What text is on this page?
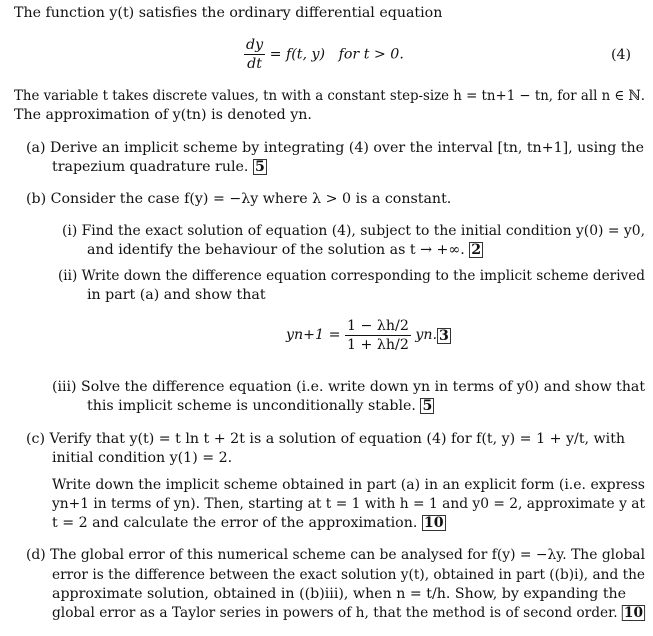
The function y(t) satisfies the ordinary differential equation
$\frac{dy}{dt} = f(t$, y)   for t > 0.	(4)
The variable t takes discrete values, tn with a constant step-size h = tn+1 − tn, for all n ∈ ℕ.
The approximation of y(tn) is denoted yn.
(a) Derive an implicit scheme by integrating (4) over the interval [tn, tn+1], using the
trapezium quadrature rule. 5
(b) Consider the case f(y) = −λy where λ > 0 is a constant.
(i) Find the exact solution of equation (4), subject to the initial condition y(0) = y0,
and identify the behaviour of the solution as t → +∞. 2
(ii) Write down the difference equation corresponding to the implicit scheme derived
in part (a) and show that
$yn+1 = \frac{1 - \lambda h/2}{1 + \lambda h/2}$ yn. 3
(iii) Solve the difference equation (i.e. write down yn in terms of y0) and show that
this implicit scheme is unconditionally stable. 5
(c) Verify that y(t) = t ln t + 2t is a solution of equation (4) for f(t, y) = 1 + y/t, with
initial condition y(1) = 2.
Write down the implicit scheme obtained in part (a) in an explicit form (i.e. express
yn+1 in terms of yn). Then, starting at t = 1 with h = 1 and y0 = 2, approximate y at
t = 2 and calculate the error of the approximation. 10
(d) The global error of this numerical scheme can be analysed for f(y) = −λy. The global
error is the difference between the exact solution y(t), obtained in part ((b)i), and the
approximate solution, obtained in ((b)iii), when n = t/h. Show, by expanding the
global error as a Taylor series in powers of h, that the method is of second order. 10
